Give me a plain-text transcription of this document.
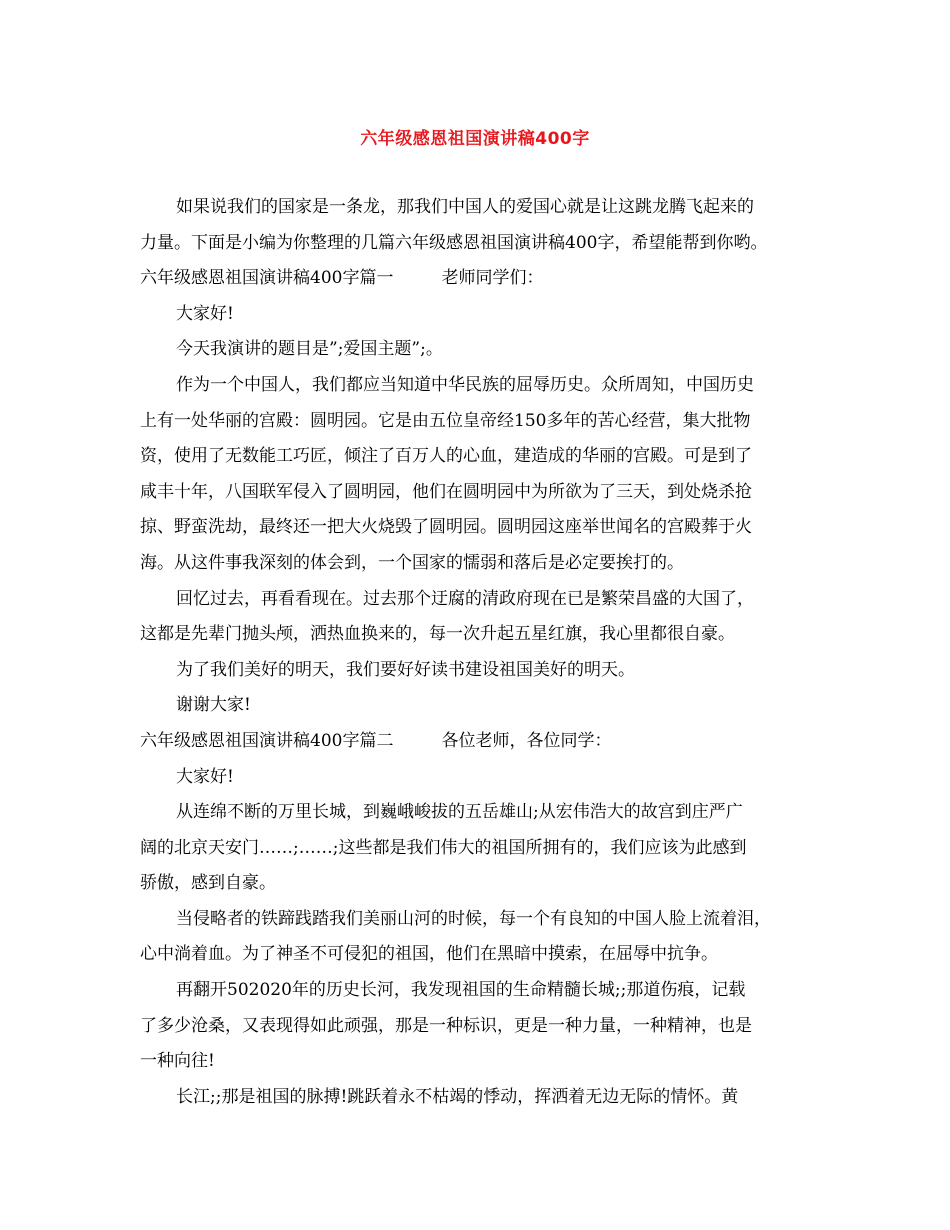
六年级感恩祖国演讲稿400字
如果说我们的国家是一条龙，那我们中国人的爱国心就是让这跳龙腾飞起来的
力量。下面是小编为你整理的几篇六年级感恩祖国演讲稿400字，希望能帮到你哟。
六年级感恩祖国演讲稿400字篇一	老师同学们：
大家好!
今天我演讲的题目是”;爱国主题”;。
作为一个中国人，我们都应当知道中华民族的屈辱历史。众所周知，中国历史
上有一处华丽的宫殿：圆明园。它是由五位皇帝经150多年的苦心经营，集大批物
资，使用了无数能工巧匠，倾注了百万人的心血，建造成的华丽的宫殿。可是到了
咸丰十年，八国联军侵入了圆明园，他们在圆明园中为所欲为了三天，到处烧杀抢
掠、野蛮洗劫，最终还一把大火烧毁了圆明园。圆明园这座举世闻名的宫殿葬于火
海。从这件事我深刻的体会到，一个国家的懦弱和落后是必定要挨打的。
回忆过去，再看看现在。过去那个迂腐的清政府现在已是繁荣昌盛的大国了，
这都是先辈门抛头颅，洒热血换来的，每一次升起五星红旗，我心里都很自豪。
为了我们美好的明天，我们要好好读书建设祖国美好的明天。
谢谢大家!
六年级感恩祖国演讲稿400字篇二	各位老师，各位同学：
大家好!
从连绵不断的万里长城，到巍峨峻拔的五岳雄山;从宏伟浩大的故宫到庄严广
阔的北京天安门……;……;这些都是我们伟大的祖国所拥有的，我们应该为此感到
骄傲，感到自豪。
当侵略者的铁蹄践踏我们美丽山河的时候，每一个有良知的中国人脸上流着泪，
心中淌着血。为了神圣不可侵犯的祖国，他们在黑暗中摸索，在屈辱中抗争。
再翻开502020年的历史长河，我发现祖国的生命精髓长城;;那道伤痕，记载
了多少沧桑，又表现得如此顽强，那是一种标识，更是一种力量，一种精神，也是
一种向往!
长江;;那是祖国的脉搏!跳跃着永不枯竭的悸动，挥洒着无边无际的情怀。黄
